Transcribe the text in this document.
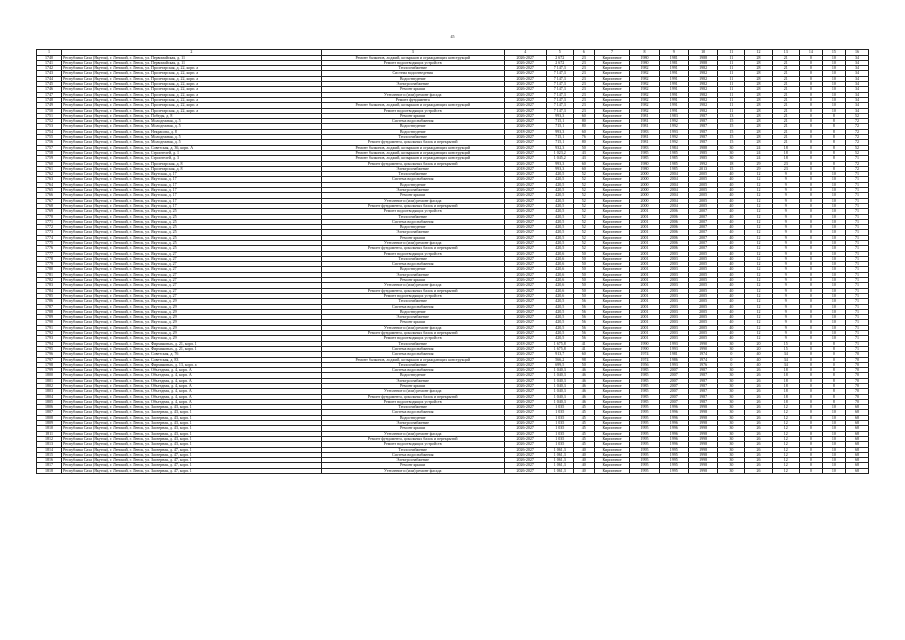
45
1	2	3	4	5	6	7	8	9	10	11	12	13	14	15	16
1740	Республика Саха (Якутия), г. Ленский, г. Ленск, ул. Первомайская, д. 11	Ремонт балконов, лоджий, козырьков и ограждающих конструкций	2026-2027	2 672	23	Кирпичное	1980	1981	1988	11	28	21	0	10	34
1741	Республика Саха (Якутия), г. Ленский, г. Ленск, ул. Первомайская, д. 11	Ремонт водоотводящих устройств	2026-2027	2 672	23	Кирпичное	1980	1981	1988	11	28	21	0	10	34
1742	Республика Саха (Якутия), г. Ленский, г. Ленск, ул. Пролетарская, д. 22, корп. а	Теплоснабжение	2026-2027	7 147,3	23	Кирпичное	1982	1991	1982	11	28	21	0	10	34
1743	Республика Саха (Якутия), г. Ленский, г. Ленск, ул. Пролетарская, д. 22, корп. а	Система водоотведения	2026-2027	7 147,3	23	Кирпичное	1982	1991	1982	11	28	21	0	10	34
1744	Республика Саха (Якутия), г. Ленский, г. Ленск, ул. Пролетарская, д. 22, корп. а	Водоотведение	2026-2027	7 147,3	23	Кирпичное	1982	1991	1982	11	28	21	0	10	34
1745	Республика Саха (Якутия), г. Ленский, г. Ленск, ул. Пролетарская, д. 22, корп. а	Электроснабжение	2026-2027	7 147,3	23	Кирпичное	1982	1991	1982	11	28	21	0	10	34
1746	Республика Саха (Якутия), г. Ленский, г. Ленск, ул. Пролетарская, д. 22, корп. а	Ремонт крыши	2026-2027	7 147,3	23	Кирпичное	1982	1991	1982	11	28	21	0	10	34
1747	Республика Саха (Якутия), г. Ленский, г. Ленск, ул. Пролетарская, д. 22, корп. а	Утепление и (или) ремонт фасада	2026-2027	7 147,3	23	Кирпичное	1982	1991	1982	11	28	21	0	10	34
1748	Республика Саха (Якутия), г. Ленский, г. Ленск, ул. Пролетарская, д. 22, корп. а	Ремонт фундамента	2026-2027	7 147,3	23	Кирпичное	1982	1991	1982	11	28	21	0	10	34
1749	Республика Саха (Якутия), г. Ленский, г. Ленск, ул. Пролетарская, д. 22, корп. а	Ремонт балконов, лоджий, козырьков и ограждающих конструкций	2026-2027	7 147,3	23	Кирпичное	1982	1991	1982	11	28	21	0	10	34
1750	Республика Саха (Якутия), г. Ленский, г. Ленск, ул. Пролетарская, д. 22, корп. а	Ремонт водоотводящих устройств	2026-2027	7 147,3	23	Кирпичное	1982	1991	1982	11	28	21	0	10	34
1751	Республика Саха (Якутия), г. Ленский, г. Ленск, ул. Победы, д. 8	Ремонт крыши	2026-2027	993,3	60	Кирпичное	1981	1983	1987	13	28	21	0	8	52
1752	Республика Саха (Якутия), г. Ленский, г. Ленск, ул. Молодежная, д. 5	Система водоснабжения	2026-2027	715,1	80	Кирпичное	1981	1992	1987	15	28	21	0	8	72
1753	Республика Саха (Якутия), г. Ленский, г. Ленск, ул. Молодежная, д. 5	Водоотведение	2026-2027	715,1	80	Кирпичное	1981	1992	1987	15	28	21	0	8	72
1754	Республика Саха (Якутия), г. Ленский, г. Ленск, ул. Некрасова, д. 8	Водоотведение	2018-2027	993,3	60	Кирпичное	1983	1993	1987	15	28	21	0	8	72
1755	Республика Саха (Якутия), г. Ленский, г. Ленск, ул. Молодежная, д. 5	Теплоснабжение	2026-2027	715,1	76	Кирпичное	1981	1992	1987	15	28	21	0	8	72
1756	Республика Саха (Якутия), г. Ленский, г. Ленск, ул. Молодежная, д. 5	Ремонт фундамента, цокольных балок и перекрытий	2026-2027	715,1	80	Кирпичное	1981	1992	1987	15	28	21	0	8	72
1757	Республика Саха (Якутия), г. Ленский, г. Ленск, ул. Советская, д. 36, корп. А	Ремонт балконов, лоджий, козырьков и ограждающих конструкций	2026-2027	932,3	50	Кирпичное	1983	1984	1988	30	24	18	0	8	52
1758	Республика Саха (Якутия), г. Ленский, г. Ленск, ул. Строителей, д. 1	Ремонт балконов, лоджий, козырьков и ограждающих конструкций	2026-2027	1 023,2	43	Кирпичное	1985	1985	1985	30	24	18	0	8	52
1759	Республика Саха (Якутия), г. Ленский, г. Ленск, ул. Строителей, д. 3	Ремонт балконов, лоджий, козырьков и ограждающих конструкций	2026-2027	1 045,2	43	Кирпичное	1985	1985	1985	30	24	18	0	8	71
1760	Республика Саха (Якутия), г. Ленский, г. Ленск, ул. Пролетарская, д. 8	Ремонт фундамента, цокольных балок и перекрытий	2026-2027	993,3	60	Кирпичное	1980	1985	1992	18	29	23	0	8	72
1761	Республика Саха (Якутия), г. Ленский, г. Ленск, ул. Пролетарская, д. 8	Электроснабжение	2018-2027	993,3	60	Кирпичное	1980	1985	2013	15	29	23	0	8	72
1762	Республика Саха (Якутия), г. Ленский, г. Ленск, ул. Якутская, д. 17	Теплоснабжение	2026-2027	420,5	52	Кирпичное	2000	2004	2005	40	12	9	0	10	71
1763	Республика Саха (Якутия), г. Ленский, г. Ленск, ул. Якутская, д. 17	Система водоснабжения	2026-2027	420,5	52	Кирпичное	2000	2004	2005	40	12	9	0	10	71
1764	Республика Саха (Якутия), г. Ленский, г. Ленск, ул. Якутская, д. 17	Водоотведение	2026-2027	420,5	52	Кирпичное	2000	2004	2005	40	12	9	0	10	71
1765	Республика Саха (Якутия), г. Ленский, г. Ленск, ул. Якутская, д. 17	Электроснабжение	2026-2027	420,5	52	Кирпичное	2000	2004	2005	40	12	9	0	10	71
1766	Республика Саха (Якутия), г. Ленский, г. Ленск, ул. Якутская, д. 17	Ремонт крыши	2026-2027	420,5	52	Кирпичное	2000	2004	2005	40	12	9	0	10	71
1767	Республика Саха (Якутия), г. Ленский, г. Ленск, ул. Якутская, д. 17	Утепление и (или) ремонт фасада	2026-2027	420,5	52	Кирпичное	2000	2004	2005	40	12	9	0	10	71
1768	Республика Саха (Якутия), г. Ленский, г. Ленск, ул. Якутская, д. 17	Ремонт фундамента, цокольных балок и перекрытий	2026-2027	420,5	52	Кирпичное	2000	2004	2005	40	12	9	0	10	71
1769	Республика Саха (Якутия), г. Ленский, г. Ленск, ул. Якутская, д. 25	Ремонт водоотводящих устройств	2026-2027	420,5	52	Кирпичное	2001	2006	2007	40	12	9	0	10	71
1770	Республика Саха (Якутия), г. Ленский, г. Ленск, ул. Якутская, д. 25	Теплоснабжение	2026-2027	420,5	52	Кирпичное	2001	2006	2007	40	12	9	0	10	71
1771	Республика Саха (Якутия), г. Ленский, г. Ленск, ул. Якутская, д. 25	Система водоснабжения	2026-2027	420,5	52	Кирпичное	2001	2006	2007	40	12	9	0	10	71
1772	Республика Саха (Якутия), г. Ленский, г. Ленск, ул. Якутская, д. 25	Водоотведение	2026-2027	420,5	52	Кирпичное	2001	2006	2007	40	12	9	0	10	71
1773	Республика Саха (Якутия), г. Ленский, г. Ленск, ул. Якутская, д. 25	Электроснабжение	2026-2027	420,5	52	Кирпичное	2001	2006	2007	40	12	9	0	10	71
1774	Республика Саха (Якутия), г. Ленский, г. Ленск, ул. Якутская, д. 25	Ремонт крыши	2026-2027	420,5	52	Кирпичное	2001	2006	2007	40	12	9	0	10	71
1775	Республика Саха (Якутия), г. Ленский, г. Ленск, ул. Якутская, д. 25	Утепление и (или) ремонт фасада	2026-2027	420,5	52	Кирпичное	2001	2006	2007	40	12	9	0	10	71
1776	Республика Саха (Якутия), г. Ленский, г. Ленск, ул. Якутская, д. 25	Ремонт фундамента, цокольных балок и перекрытий	2026-2027	420,5	52	Кирпичное	2001	2006	2007	40	12	9	0	10	71
1777	Республика Саха (Якутия), г. Ленский, г. Ленск, ул. Якутская, д. 27	Ремонт водоотводящих устройств	2026-2027	420,6	50	Кирпичное	2001	2003	2005	40	12	9	0	10	71
1778	Республика Саха (Якутия), г. Ленский, г. Ленск, ул. Якутская, д. 27	Теплоснабжение	2026-2027	420,6	50	Кирпичное	2001	2003	2005	40	12	9	0	10	71
1779	Республика Саха (Якутия), г. Ленский, г. Ленск, ул. Якутская, д. 27	Система водоснабжения	2026-2027	420,6	50	Кирпичное	2001	2003	2005	40	12	9	0	10	71
1780	Республика Саха (Якутия), г. Ленский, г. Ленск, ул. Якутская, д. 27	Водоотведение	2026-2027	420,6	50	Кирпичное	2001	2003	2005	40	12	9	0	10	71
1781	Республика Саха (Якутия), г. Ленский, г. Ленск, ул. Якутская, д. 27	Электроснабжение	2026-2027	420,6	50	Кирпичное	2001	2003	2005	40	12	9	0	10	71
1782	Республика Саха (Якутия), г. Ленский, г. Ленск, ул. Якутская, д. 27	Ремонт крыши	2026-2027	420,6	50	Кирпичное	2001	2003	2005	40	12	9	0	10	71
1783	Республика Саха (Якутия), г. Ленский, г. Ленск, ул. Якутская, д. 27	Утепление и (или) ремонт фасада	2026-2027	420,6	50	Кирпичное	2001	2003	2005	40	12	9	0	10	71
1784	Республика Саха (Якутия), г. Ленский, г. Ленск, ул. Якутская, д. 27	Ремонт фундамента, цокольных балок и перекрытий	2026-2027	420,6	50	Кирпичное	2001	2003	2005	40	12	9	0	10	71
1785	Республика Саха (Якутия), г. Ленский, г. Ленск, ул. Якутская, д. 27	Ремонт водоотводящих устройств	2026-2027	420,6	50	Кирпичное	2001	2003	2005	40	12	9	0	10	71
1786	Республика Саха (Якутия), г. Ленский, г. Ленск, ул. Якутская, д. 29	Теплоснабжение	2026-2027	420,5	56	Кирпичное	2001	2003	2005	40	12	9	0	10	71
1787	Республика Саха (Якутия), г. Ленский, г. Ленск, ул. Якутская, д. 29	Система водоснабжения	2026-2027	420,5	56	Кирпичное	2001	2003	2005	40	12	9	0	10	71
1788	Республика Саха (Якутия), г. Ленский, г. Ленск, ул. Якутская, д. 29	Водоотведение	2026-2027	420,5	56	Кирпичное	2001	2003	2005	40	12	9	0	10	71
1789	Республика Саха (Якутия), г. Ленский, г. Ленск, ул. Якутская, д. 29	Электроснабжение	2026-2027	420,5	56	Кирпичное	2001	2003	2005	40	12	9	0	10	71
1790	Республика Саха (Якутия), г. Ленский, г. Ленск, ул. Якутская, д. 29	Ремонт крыши	2026-2027	420,5	56	Кирпичное	2001	2003	2005	40	12	9	0	10	71
1791	Республика Саха (Якутия), г. Ленский, г. Ленск, ул. Якутская, д. 29	Утепление и (или) ремонт фасада	2026-2027	420,5	56	Кирпичное	2001	2003	2005	40	12	9	0	10	71
1792	Республика Саха (Якутия), г. Ленский, г. Ленск, ул. Якутская, д. 29	Ремонт фундамента, цокольных балок и перекрытий	2026-2027	420,5	56	Кирпичное	2001	2003	2005	40	12	9	0	10	71
1793	Республика Саха (Якутия), г. Ленский, г. Ленск, ул. Якутская, д. 29	Ремонт водоотводящих устройств	2026-2027	420,5	56	Кирпичное	2001	2003	2005	40	12	9	0	10	71
1794	Республика Саха (Якутия), г. Ленский, г. Ленск, ул. Фирмаковых, д. 21, корп. 1	Теплоснабжение	2018-2027	1 675,8	41	Кирпичное	1990	1993	1990	30	20	15	0	8	71
1795	Республика Саха (Якутия), г. Ленский, г. Ленск, ул. Фирмаковых, д. 21, корп. 1	Система водоснабжения	2026-2027	1 675,8	41	Кирпичное	1990	1993	1990	30	20	15	0	8	71
1796	Республика Саха (Якутия), г. Ленский, г. Ленск, ул. Советская, д. 76	Система водоснабжения	2026-2027	913,7	60	Кирпичное	1974	1981	1974	0	40	34	0	0	70
1797	Республика Саха (Якутия), г. Ленский, г. Ленск, ул. Советская, д. 83	Ремонт балконов, лоджий, козырьков и ограждающих конструкций	2026-2027	566,2	98	Кирпичное	1974	1986	1974	0	40	34	0	0	70
1798	Республика Саха (Якутия), г. Ленский, г. Ленск, ул. Фирмаковых, д. 13, корп. а	Теплоснабжение	2026-2027	699,5	50	Кирпичное	1956	1993	1976	0	40	34	0	0	70
1799	Республика Саха (Якутия), г. Ленский, г. Ленск, ул. Объездная, д. 4, корп. А	Система водоснабжения	2026-2027	1 040,3	46	Кирпичное	1985	2007	1987	30	26	18	0	8	70
1800	Республика Саха (Якутия), г. Ленский, г. Ленск, ул. Объездная, д. 4, корп. А	Водоотведение	2026-2027	1 040,3	46	Кирпичное	1985	2007	1987	30	26	18	0	8	70
1801	Республика Саха (Якутия), г. Ленский, г. Ленск, ул. Объездная, д. 4, корп. А	Электроснабжение	2026-2027	1 040,3	46	Кирпичное	1985	2007	1987	30	26	18	0	8	70
1802	Республика Саха (Якутия), г. Ленский, г. Ленск, ул. Объездная, д. 4, корп. А	Ремонт крыши	2026-2027	1 040,3	46	Кирпичное	1985	2007	1987	30	26	18	0	8	70
1803	Республика Саха (Якутия), г. Ленский, г. Ленск, ул. Объездная, д. 4, корп. А	Утепление и (или) ремонт фасада	2026-2027	1 040,3	46	Кирпичное	1985	2007	1987	30	26	18	0	8	70
1804	Республика Саха (Якутия), г. Ленский, г. Ленск, ул. Объездная, д. 4, корп. А	Ремонт фундамента, цокольных балок и перекрытий	2026-2027	1 040,3	46	Кирпичное	1985	2007	1987	30	26	18	0	8	70
1805	Республика Саха (Якутия), г. Ленский, г. Ленск, ул. Объездная, д. 4, корп. А	Ремонт водоотводящих устройств	2026-2027	1 040,3	46	Кирпичное	1985	2007	1987	30	26	18	0	8	70
1806	Республика Саха (Якутия), г. Ленский, г. Ленск, ул. Заозерная, д. 43, корп. 1	Теплоснабжение	2026-2027	1 035	45	Кирпичное	1995	1996	1998	30	26	12	0	10	68
1807	Республика Саха (Якутия), г. Ленский, г. Ленск, ул. Заозерная, д. 43, корп. 1	Система водоснабжения	2026-2027	1 035	45	Кирпичное	1995	1996	1998	30	26	12	0	10	68
1808	Республика Саха (Якутия), г. Ленский, г. Ленск, ул. Заозерная, д. 43, корп. 1	Водоотведение	2026-2027	1 035	45	Кирпичное	1995	1996	1998	30	26	12	0	10	68
1809	Республика Саха (Якутия), г. Ленский, г. Ленск, ул. Заозерная, д. 43, корп. 1	Электроснабжение	2026-2027	1 035	45	Кирпичное	1995	1996	1998	30	26	12	0	10	68
1810	Республика Саха (Якутия), г. Ленский, г. Ленск, ул. Заозерная, д. 43, корп. 1	Ремонт крыши	2026-2027	1 035	45	Кирпичное	1995	1996	1998	30	26	12	0	10	68
1811	Республика Саха (Якутия), г. Ленский, г. Ленск, ул. Заозерная, д. 43, корп. 1	Утепление и (или) ремонт фасада	2026-2027	1 035	45	Кирпичное	1995	1996	1998	30	26	12	0	10	68
1812	Республика Саха (Якутия), г. Ленский, г. Ленск, ул. Заозерная, д. 43, корп. 1	Ремонт фундамента, цокольных балок и перекрытий	2026-2027	1 035	45	Кирпичное	1995	1996	1998	30	26	12	0	10	68
1813	Республика Саха (Якутия), г. Ленский, г. Ленск, ул. Заозерная, д. 43, корп. 1	Ремонт водоотводящих устройств	2026-2027	1 035	45	Кирпичное	1995	1996	1998	30	26	12	0	10	68
1814	Республика Саха (Якутия), г. Ленский, г. Ленск, ул. Заозерная, д. 47, корп. 1	Теплоснабжение	2026-2027	1 061,3	40	Кирпичное	1995	1995	1998	30	26	12	0	10	68
1815	Республика Саха (Якутия), г. Ленский, г. Ленск, ул. Заозерная, д. 47, корп. 1	Система водоснабжения	2026-2027	1 061,3	40	Кирпичное	1995	1995	1998	30	26	12	0	10	68
1816	Республика Саха (Якутия), г. Ленский, г. Ленск, ул. Заозерная, д. 47, корп. 1	Электроснабжение	2026-2027	1 061,3	40	Кирпичное	1995	1995	1998	30	26	12	0	10	68
1817	Республика Саха (Якутия), г. Ленский, г. Ленск, ул. Заозерная, д. 47, корп. 1	Ремонт крыши	2026-2027	1 061,3	40	Кирпичное	1995	1995	1998	30	26	12	0	10	68
1818	Республика Саха (Якутия), г. Ленский, г. Ленск, ул. Заозерная, д. 47, корп. 1	Утепление и (или) ремонт фасада	2026-2027	1 061,3	40	Кирпичное	1995	1995	1998	30	26	12	0	10	68
